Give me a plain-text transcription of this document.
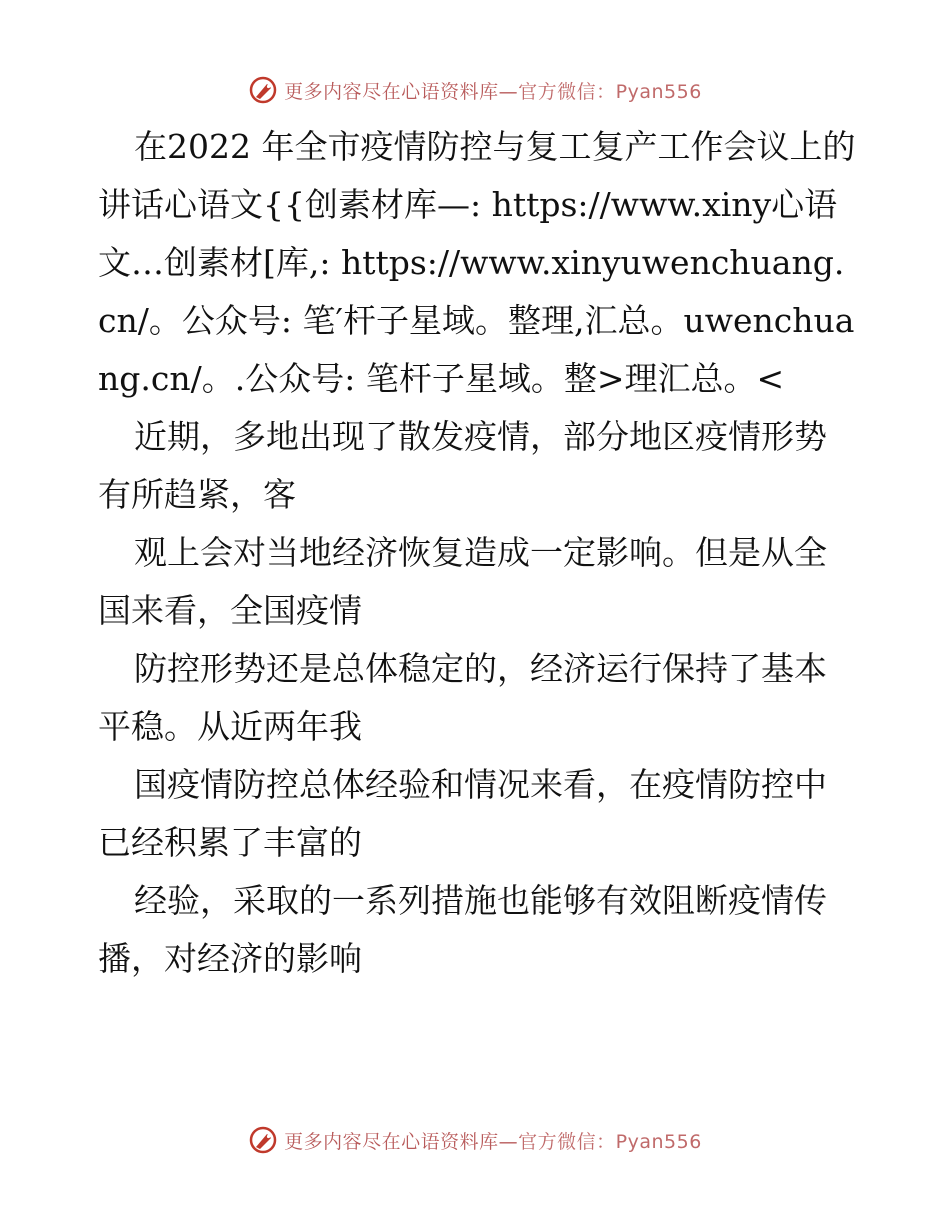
更多内容尽在心语资料库—官方微信：Pyan556

在2022 年全市疫情防控与复工复产工作会议上的讲话心语文{{创素材库—: https://www.xiny心语文…创素材[库,: https://www.xinyuwenchuang.cn/。公众号: 笔′杆子星域。整理,汇总。uwenchuang.cn/。.公众号: 笔杆子星域。整>理汇总。<

近期，多地出现了散发疫情，部分地区疫情形势有所趋紧，客

观上会对当地经济恢复造成一定影响。但是从全国来看，全国疫情

防控形势还是总体稳定的，经济运行保持了基本平稳。从近两年我

国疫情防控总体经验和情况来看，在疫情防控中已经积累了丰富的

经验，采取的一系列措施也能够有效阻断疫情传播，对经济的影响

更多内容尽在心语资料库—官方微信：Pyan556
